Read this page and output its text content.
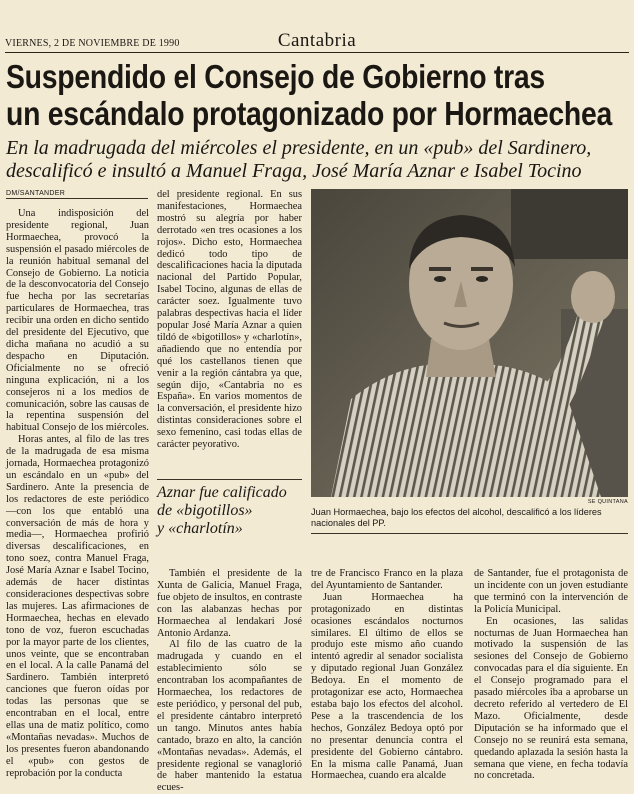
VIERNES, 2 DE NOVIEMBRE DE 1990	Cantabria
Suspendido el Consejo de Gobierno tras
un escándalo protagonizado por Hormaechea
En la madrugada del miércoles el presidente, en un «pub» del Sardinero, descalificó e insultó a Manuel Fraga, José María Aznar e Isabel Tocino
DM/SANTANDER

Una indisposición del presidente regional, Juan Hormaechea, provocó la suspensión el pasado miércoles de la reunión habitual semanal del Consejo de Gobierno. La noticia de la desconvocatoria del Consejo fue hecha por las secretarías particulares de Hormaechea, tras recibir una orden en dicho sentido del presidente del Ejecutivo, que dicha mañana no acudió a su despacho en Diputación. Oficialmente no se ofreció ninguna explicación, ni a los consejeros ni a los medios de comunicación, sobre las causas de la repentina suspensión del habitual Consejo de los miércoles.

Horas antes, al filo de las tres de la madrugada de esa misma jornada, Hormaechea protagonizó un escándalo en un «pub» del Sardinero. Ante la presencia de los redactores de este periódico —con los que entabló una conversación de más de hora y media—, Hormaechea profirió diversas descalificaciones, en tono soez, contra Manuel Fraga, José María Aznar e Isabel Tocino, además de hacer distintas consideraciones despectivas sobre las mujeres. Las afirmaciones de Hormaechea, hechas en elevado tono de voz, fueron escuchadas por la mayor parte de los clientes, unos veinte, que se encontraban en el local. A la calle Panamá del Sardinero. También interpretó canciones que fueron oídas por todas las personas que se encontraban en el local, entre ellas una de matiz político, como «Montañas nevadas». Muchos de los presentes fueron abandonando el «pub» con gestos de reprobación por la conducta

del presidente regional. En sus manifestaciones, Hormaechea mostró su alegría por haber derrotado «en tres ocasiones a los rojos». Dicho esto, Hormaechea dedicó todo tipo de descalificaciones hacia la diputada nacional del Partido Popular, Isabel Tocino, algunas de ellas de carácter soez. Igualmente tuvo palabras despectivas hacia el líder popular José María Aznar a quien tildó de «bigotillos» y «charlotín», añadiendo que no entendía por qué los castellanos tienen que venir a la región cántabra ya que, según dijo, «Cantabria no es España». En varios momentos de la conversación, el presidente hizo distintas consideraciones sobre el sexo femenino, casi todas ellas de carácter peyorativo.

Aznar fue calificado
de «bigotillos»
y «charlotín»

También el presidente de la Xunta de Galicia, Manuel Fraga, fue objeto de insultos, en contraste con las alabanzas hechas por Hormaechea al lendakari José Antonio Ardanza.

Al filo de las cuatro de la madrugada y cuando en el establecimiento sólo se encontraban los acompañantes de Hormaechea, los redactores de este periódico, y personal del pub, el presidente cántabro interpretó un tango. Minutos antes había cantado, brazo en alto, la canción «Montañas nevadas». Además, el presidente regional se vanaglorió de haber mantenido la estatua ecues-

SE QUINTANA
Juan Hormaechea, bajo los efectos del alcohol, descalificó a los líderes nacionales del PP.

tre de Francisco Franco en la plaza del Ayuntamiento de Santander.

Juan Hormaechea ha protagonizado en distintas ocasiones escándalos nocturnos similares. El último de ellos se produjo este mismo año cuando intentó agredir al senador socialista y diputado regional Juan González Bedoya. En el momento de protagonizar ese acto, Hormaechea estaba bajo los efectos del alcohol. Pese a la trascendencia de los hechos, González Bedoya optó por no presentar denuncia contra el presidente del Gobierno cántabro. En la misma calle Panamá, Juan Hormaechea, cuando era alcalde

de Santander, fue el protagonista de un incidente con un joven estudiante que terminó con la intervención de la Policía Municipal.

En ocasiones, las salidas nocturnas de Juan Hormaechea han motivado la suspensión de las sesiones del Consejo de Gobierno convocadas para el día siguiente. En el Consejo programado para el pasado miércoles iba a aprobarse un decreto referido al vertedero de El Mazo. Oficialmente, desde Diputación se ha informado que el Consejo no se reunirá esta semana, quedando aplazada la sesión hasta la semana que viene, en fecha todavía no concretada.
